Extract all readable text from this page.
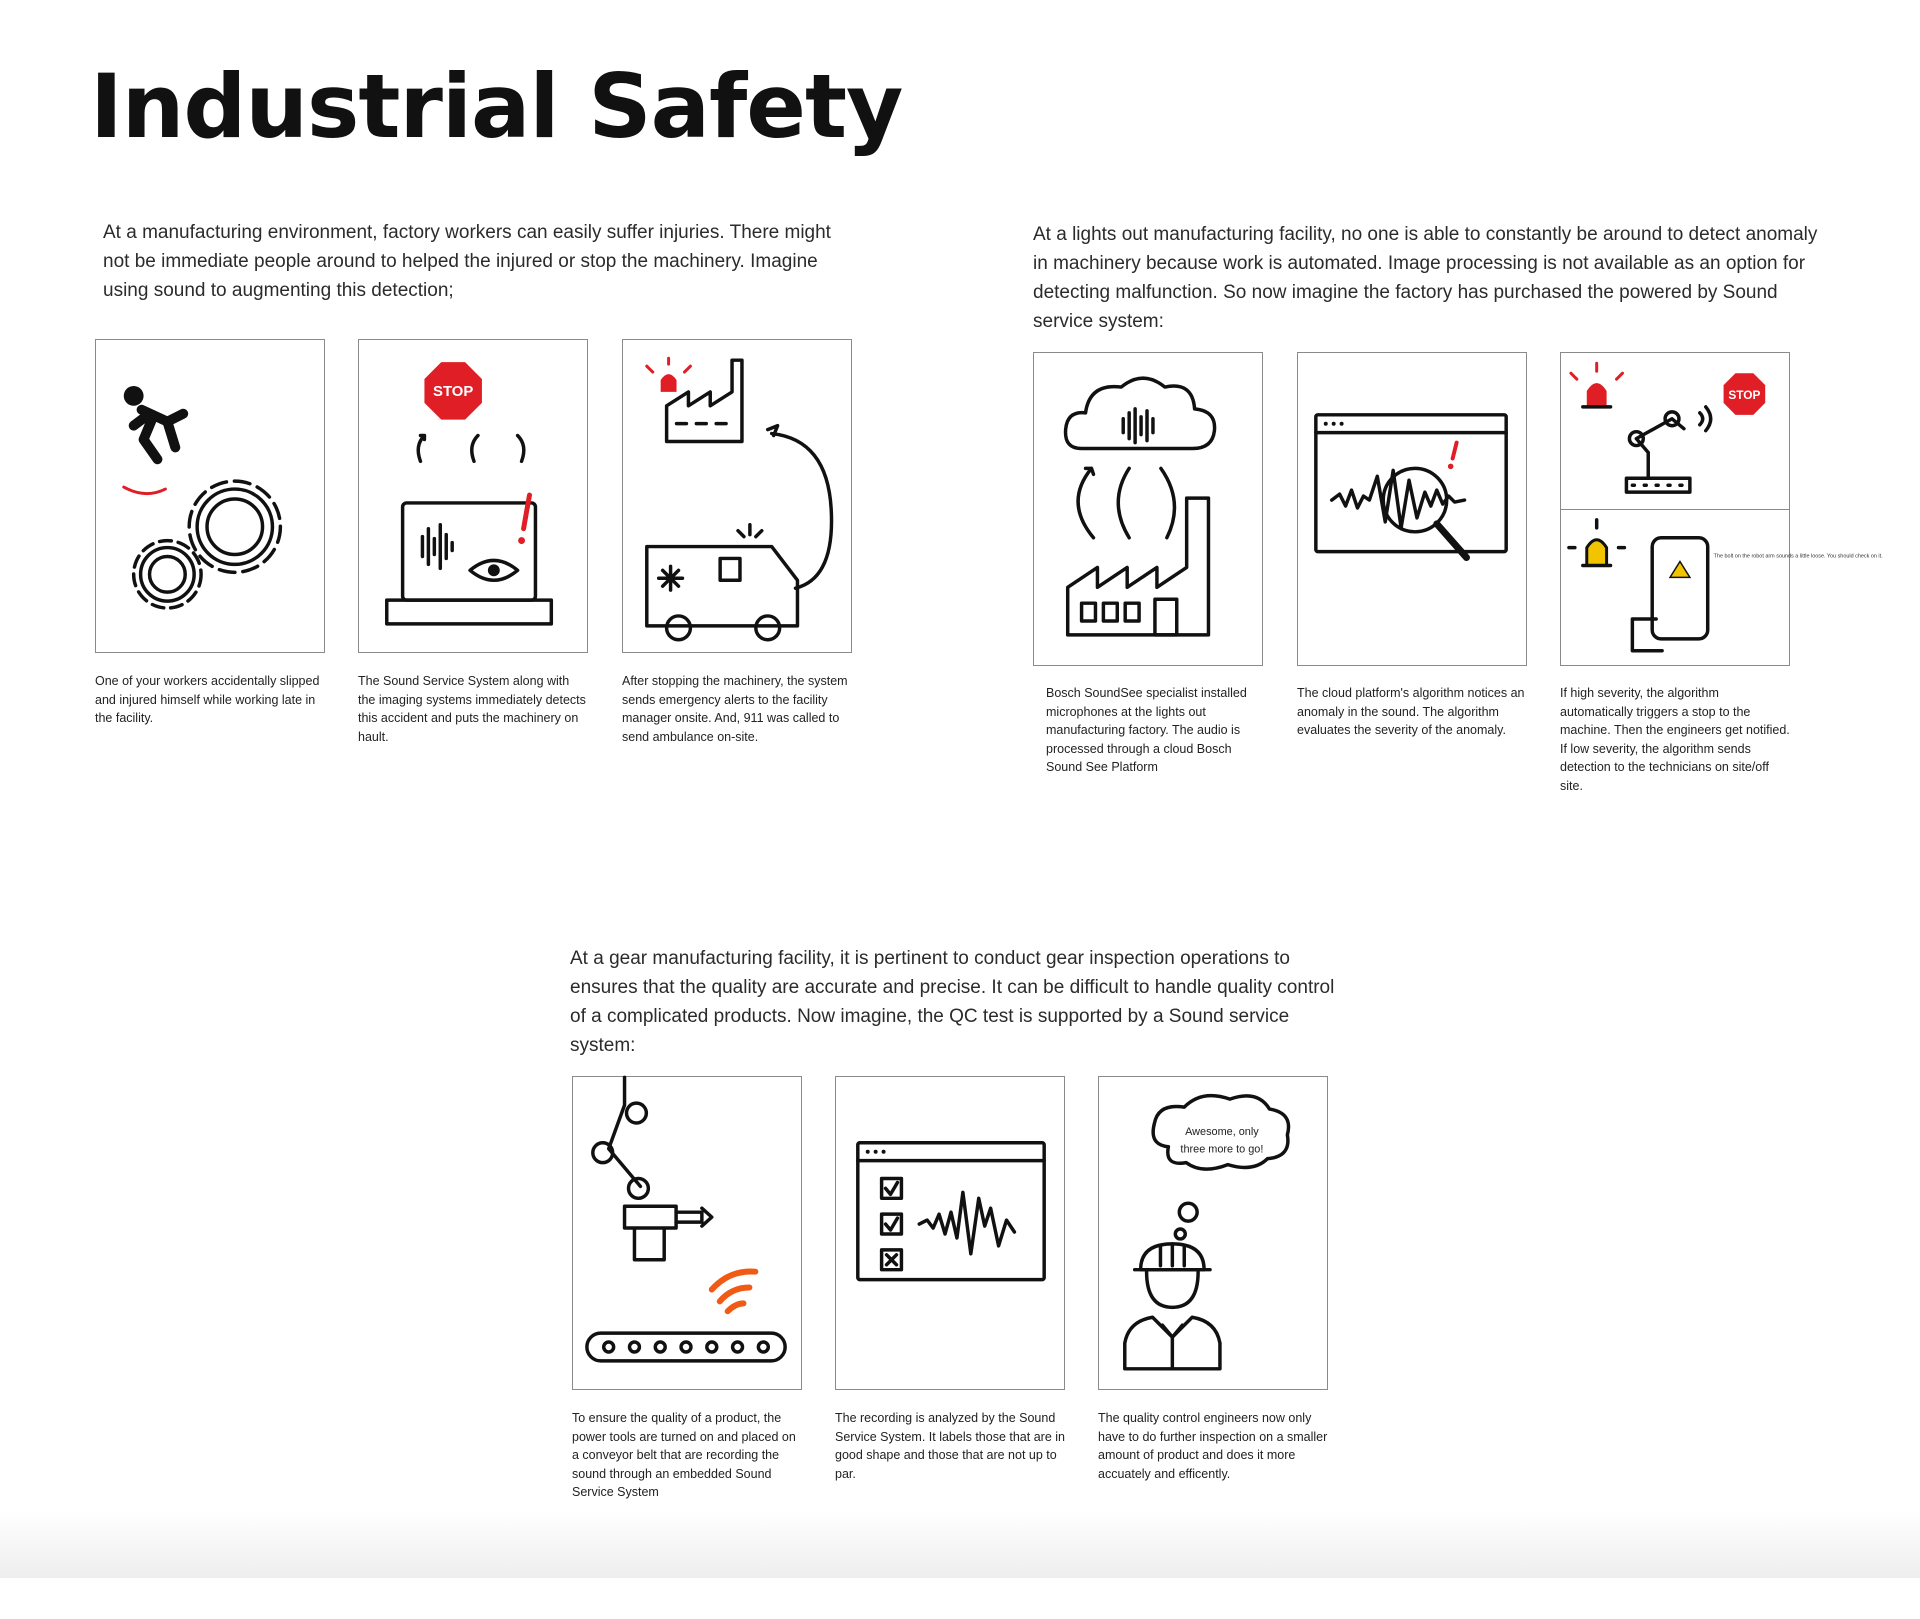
Industrial Safety

At a manufacturing environment, factory workers can easily suffer injuries. There might not be immediate people around to helped the injured or stop the machinery. Imagine using sound to augmenting this detection;

One of your workers accidentally slipped and injured himself while working late in the facility.

STOP

The Sound Service System along with the imaging systems immediately detects this accident and puts the machinery on hault.

After stopping the machinery, the system sends emergency alerts to the facility manager onsite. And, 911 was called to send ambulance on-site.

At a lights out manufacturing facility, no one is able to constantly be around to detect anomaly in machinery because work is automated. Image processing is not available as an option for detecting malfunction. So now imagine the factory has purchased the powered by Sound service system:

Bosch SoundSee specialist installed microphones at the lights out manufacturing factory. The audio is processed through a cloud Bosch Sound See Platform

The cloud platform's algorithm notices an anomaly in the sound. The algorithm evaluates the severity of the anomaly.

STOP
The bolt on the robot arm sounds a little loose. You should check on it.

If high severity, the algorithm automatically triggers a stop to the machine. Then the engineers get notified. If low severity, the algorithm sends detection to the technicians on site/off site.

At a gear manufacturing facility, it is pertinent to conduct gear inspection operations to ensures that the quality are accurate and precise. It can be difficult to handle quality control of a complicated products. Now imagine, the QC test is supported by a Sound service system:

To ensure the quality of a product, the power tools are turned on and placed on a conveyor belt that are recording the sound through an embedded Sound Service System

The recording is analyzed by the Sound Service System. It labels those that are in good shape and those that are not up to par.

Awesome, only
three more to go!

The quality control engineers now only have to do further inspection on a smaller amount of product and does it more accuately and efficently.
